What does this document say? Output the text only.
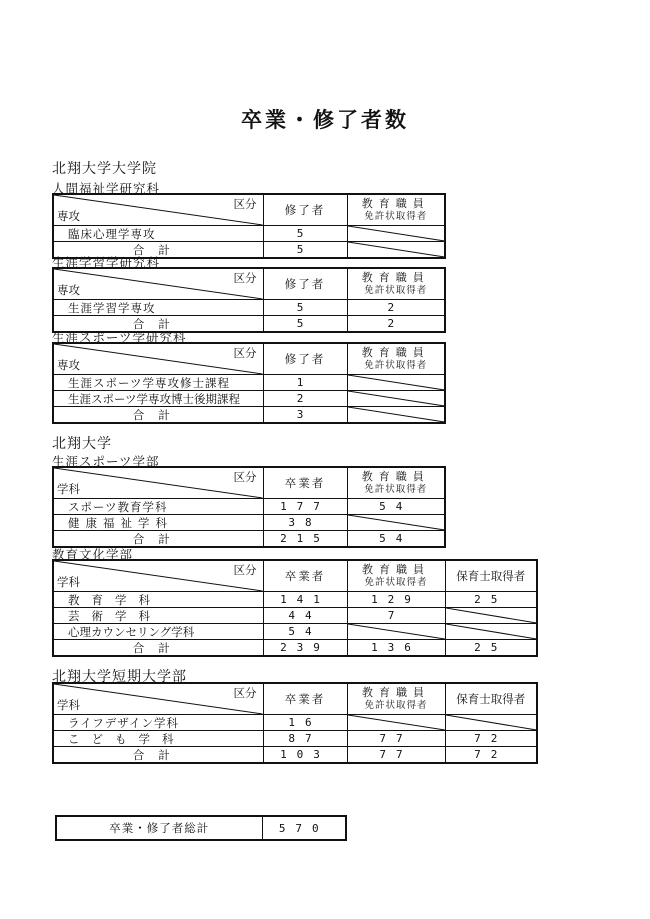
卒業・修了者数
北翔大学大学院
人間福祉学研究科
区分
専攻	修了者	教育職員
免許状取得者

臨床心理学専攻	5	

合計	5	
生涯学習学研究科
区分
専攻	修了者	教育職員
免許状取得者

生涯学習学専攻	5	2
合計	5	2
生涯スポーツ学研究科
区分
専攻	修了者	教育職員
免許状取得者

生涯スポーツ学専攻修士課程	1	

生涯スポーツ学専攻博士後期課程	2	

合計	3	
北翔大学
生涯スポーツ学部
区分
学科	卒業者	教育職員
免許状取得者

スポーツ教育学科	177	54
健康福祉学科	38	

合計	215	54
教育文化学部
区分
学科	卒業者	教育職員
免許状取得者	保育士取得者
教育学科	141	129	25
芸術学科	44	7	

心理カウンセリング学科	54	

合計	239	136	25
北翔大学短期大学部
区分
学科	卒業者	教育職員
免許状取得者	保育士取得者
ライフデザイン学科	16	

こども学科	87	77	72
合計	103	77	72
卒業・修了者総計	570
